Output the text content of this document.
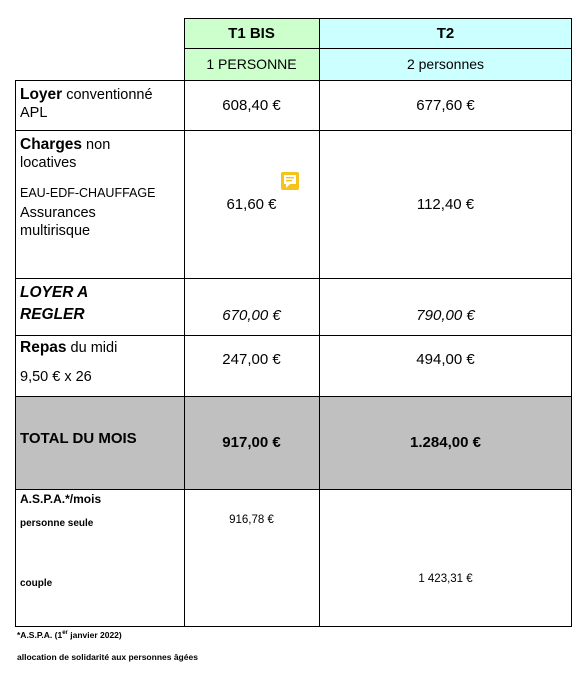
T1 BIS	T2
1 PERSONNE	2 personnes
Loyer conventionné
APL	608,40 €	677,60 €
Charges non
locatives
EAU-EDF-CHAUFFAGE
Assurances
multirisque
61,60 €	112,40 €
LOYER A
REGLER	670,00 €	790,00 €
Repas du midi
9,50 € x 26
247,00 €	494,00 €
TOTAL DU MOIS	917,00 €	1.284,00 €
A.S.P.A.*/mois
personne seule	916,78 €
couple	1 423,31 €
*A.S.P.A. (1er janvier 2022)
allocation de solidarité aux personnes âgées
